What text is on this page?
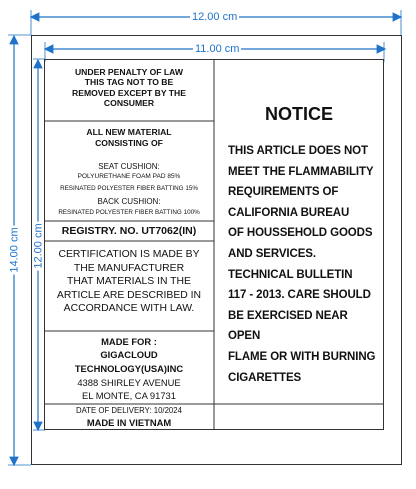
12.00 cm
11.00 cm
14.00 cm 12.00 cm
UNDER PENALTY OF LAW
THIS TAG NOT TO BE
REMOVED EXCEPT BY THE
CONSUMER
ALL NEW MATERIAL
CONSISTING OF
SEAT CUSHION:
POLYURETHANE FOAM PAD 85%
RESINATED POLYESTER FIBER BATTING 15%
BACK CUSHION:
RESINATED POLYESTER FIBER BATTING 100%
REGISTRY. NO. UT7062(IN)
CERTIFICATION IS MADE BY
THE MANUFACTURER
THAT MATERIALS IN THE
ARTICLE ARE DESCRIBED IN
ACCORDANCE WITH LAW.
MADE FOR :
GIGACLOUD
TECHNOLOGY(USA)INC
4388 SHIRLEY AVENUE
EL MONTE, CA 91731
DATE OF DELIVERY: 10/2024
MADE IN VIETNAM
NOTICE
THIS ARTICLE DOES NOT
MEET THE FLAMMABILITY
REQUIREMENTS OF
CALIFORNIA BUREAU
OF HOUSSEHOLD GOODS
AND SERVICES.
TECHNICAL BULLETIN
117 - 2013. CARE SHOULD
BE EXERCISED NEAR OPEN
FLAME OR WITH BURNING
CIGARETTES
